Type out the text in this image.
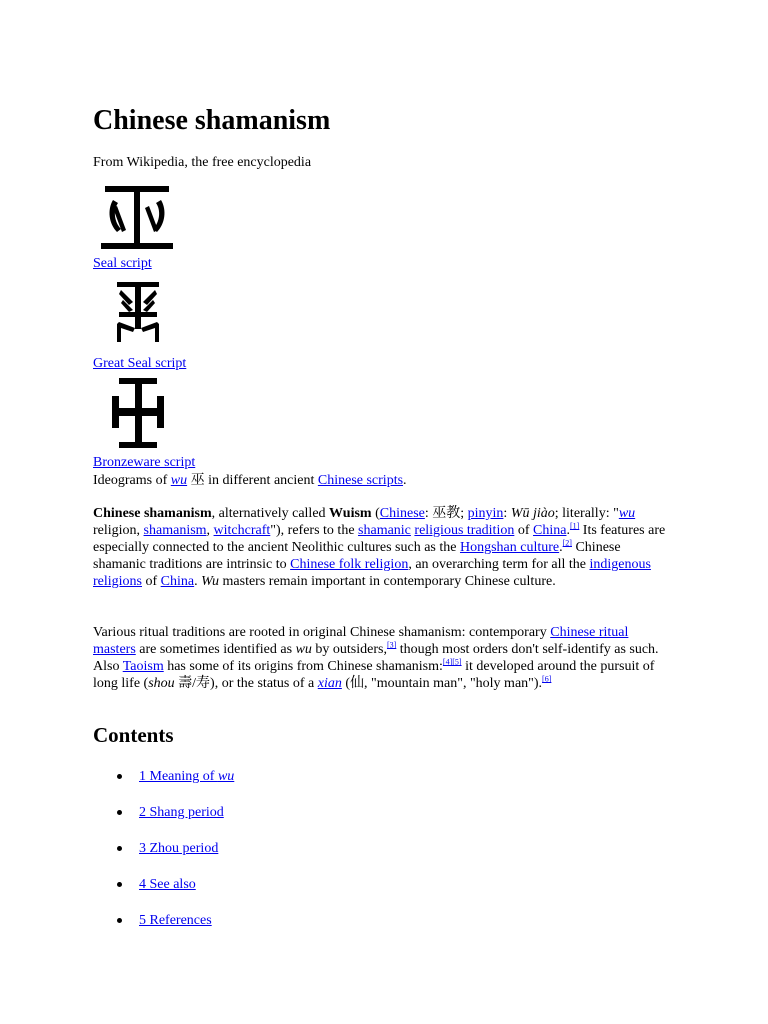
Chinese shamanism

From Wikipedia, the free encyclopedia

Seal script
Great Seal script
Bronzeware script
Ideograms of wu 巫 in different ancient Chinese scripts.

Chinese shamanism, alternatively called Wuism (Chinese: 巫教; pinyin: Wū jiào; literally: "wu religion, shamanism, witchcraft"), refers to the shamanic religious tradition of China.[1] Its features are especially connected to the ancient Neolithic cultures such as the Hongshan culture.[2] Chinese shamanic traditions are intrinsic to Chinese folk religion, an overarching term for all the indigenous religions of China. Wu masters remain important in contemporary Chinese culture.

Various ritual traditions are rooted in original Chinese shamanism: contemporary Chinese ritual masters are sometimes identified as wu by outsiders,[3] though most orders don't self-identify as such. Also Taoism has some of its origins from Chinese shamanism:[4][5] it developed around the pursuit of long life (shou 壽/寿), or the status of a xian (仙, "mountain man", "holy man").[6]

Contents
1 Meaning of wu
2 Shang period
3 Zhou period
4 See also
5 References
